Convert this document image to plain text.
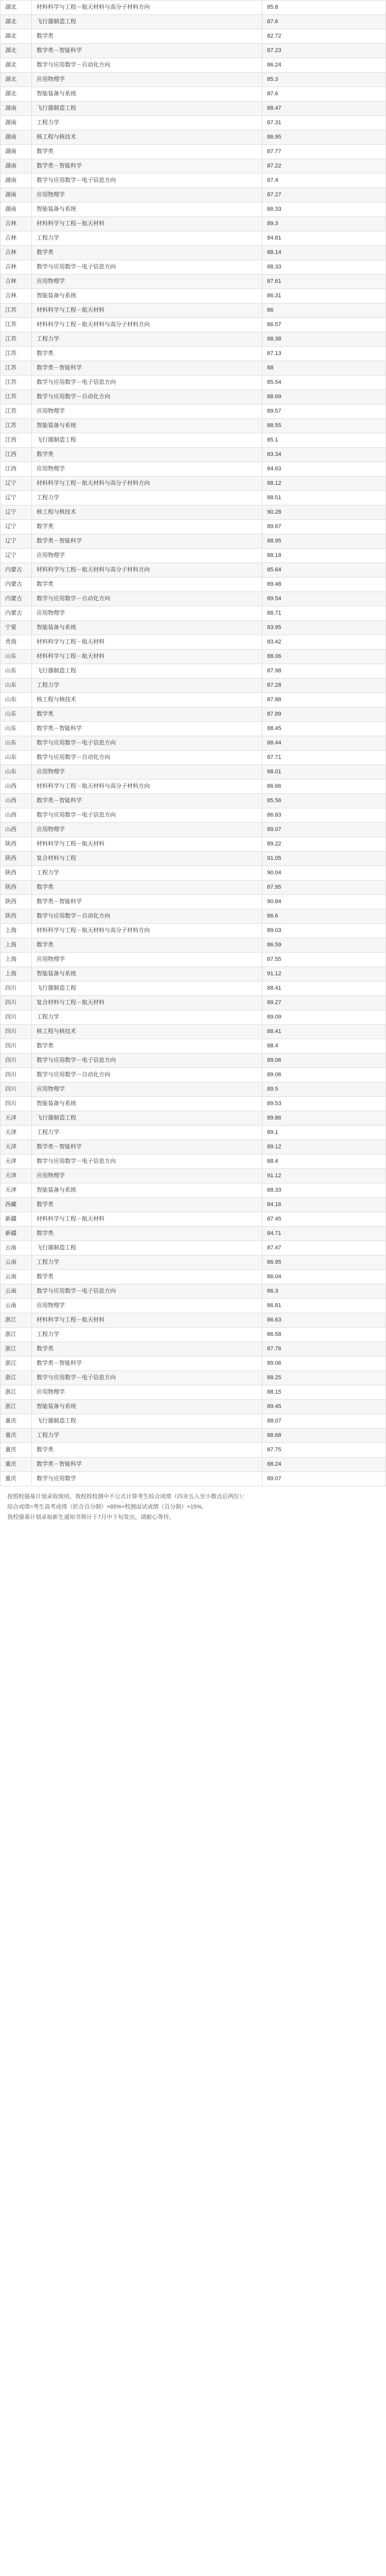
湖北	材料科学与工程－航天材料与高分子材料方向	85.8
湖北	飞行器制造工程	87.6
湖北	数学类	82.72
湖北	数学类－智能科学	87.23
湖北	数学与应用数学－自动化方向	86.24
湖北	应用物理学	85.3
湖北	智能装备与系统	87.6
湖南	飞行器制造工程	88.47
湖南	工程力学	87.31
湖南	核工程与核技术	86.95
湖南	数学类	87.77
湖南	数学类－智能科学	87.22
湖南	数学与应用数学－电子信息方向	87.4
湖南	应用物理学	87.27
湖南	智能装备与系统	88.33
吉林	材料科学与工程－航天材料	89.3
吉林	工程力学	84.81
吉林	数学类	88.14
吉林	数学与应用数学－电子信息方向	88.33
吉林	应用物理学	87.61
吉林	智能装备与系统	86.31
江苏	材料科学与工程－航天材料	86
江苏	材料科学与工程－航天材料与高分子材料方向	86.57
江苏	工程力学	88.38
江苏	数学类	87.13
江苏	数学类－智能科学	88
江苏	数学与应用数学－电子信息方向	85.54
江苏	数学与应用数学－自动化方向	88.69
江苏	应用物理学	89.57
江苏	智能装备与系统	88.55
江西	飞行器制造工程	85.1
江西	数学类	83.34
江西	应用物理学	84.63
辽宁	材料科学与工程－航天材料与高分子材料方向	88.12
辽宁	工程力学	88.51
辽宁	核工程与核技术	90.28
辽宁	数学类	89.67
辽宁	数学类－智能科学	88.95
辽宁	应用物理学	88.18
内蒙古	材料科学与工程－航天材料与高分子材料方向	85.64
内蒙古	数学类	89.48
内蒙古	数学与应用数学－自动化方向	89.54
内蒙古	应用物理学	88.71
宁夏	智能装备与系统	83.95
青海	材料科学与工程－航天材料	83.42
山东	材料科学与工程－航天材料	88.06
山东	飞行器制造工程	87.98
山东	工程力学	87.28
山东	核工程与核技术	87.88
山东	数学类	87.89
山东	数学类－智能科学	88.45
山东	数学与应用数学－电子信息方向	88.44
山东	数学与应用数学－自动化方向	87.71
山东	应用物理学	88.01
山西	材料科学与工程－航天材料与高分子材料方向	86.66
山西	数学类－智能科学	85.56
山西	数学与应用数学－电子信息方向	86.83
山西	应用物理学	89.07
陕西	材料科学与工程－航天材料	89.22
陕西	复合材料与工程	91.05
陕西	工程力学	90.04
陕西	数学类	87.95
陕西	数学类－智能科学	90.84
陕西	数学与应用数学－自动化方向	86.6
上海	材料科学与工程－航天材料与高分子材料方向	89.03
上海	数学类	86.59
上海	应用物理学	87.55
上海	智能装备与系统	91.12
四川	飞行器制造工程	88.41
四川	复合材料与工程－航天材料	89.27
四川	工程力学	89.09
四川	核工程与核技术	88.41
四川	数学类	88.4
四川	数学与应用数学－电子信息方向	89.06
四川	数学与应用数学－自动化方向	89.06
四川	应用物理学	89.5
四川	智能装备与系统	89.53
天津	飞行器制造工程	89.86
天津	工程力学	89.1
天津	数学类－智能科学	89.12
天津	数学与应用数学－电子信息方向	88.4
天津	应用物理学	91.12
天津	智能装备与系统	88.33
西藏	数学类	84.16
新疆	材料科学与工程－航天材料	87.45
新疆	数学类	84.71
云南	飞行器制造工程	87.47
云南	工程力学	86.95
云南	数学类	86.04
云南	数学与应用数学－电子信息方向	86.3
云南	应用物理学	86.81
浙江	材料科学与工程－航天材料	86.63
浙江	工程力学	86.58
浙江	数学类	87.76
浙江	数学类－智能科学	89.06
浙江	数学与应用数学－电子信息方向	88.25
浙江	应用物理学	88.15
浙江	智能装备与系统	89.45
重庆	飞行器制造工程	88.07
重庆	工程力学	88.68
重庆	数学类	87.75
重庆	数学类－智能科学	88.24
重庆	数学与应用数学	89.07

按照校强基计划录取规则，我校按校测中不公式计算考生综合成绩（四舍五入至小数点后两位）：

综合成绩=考生高考成绩（折合百分制）×85%+校测面试成绩（百分制）×15%。

我校强基计划录取新生通知书预计于7月中下旬发出，请耐心等待。
